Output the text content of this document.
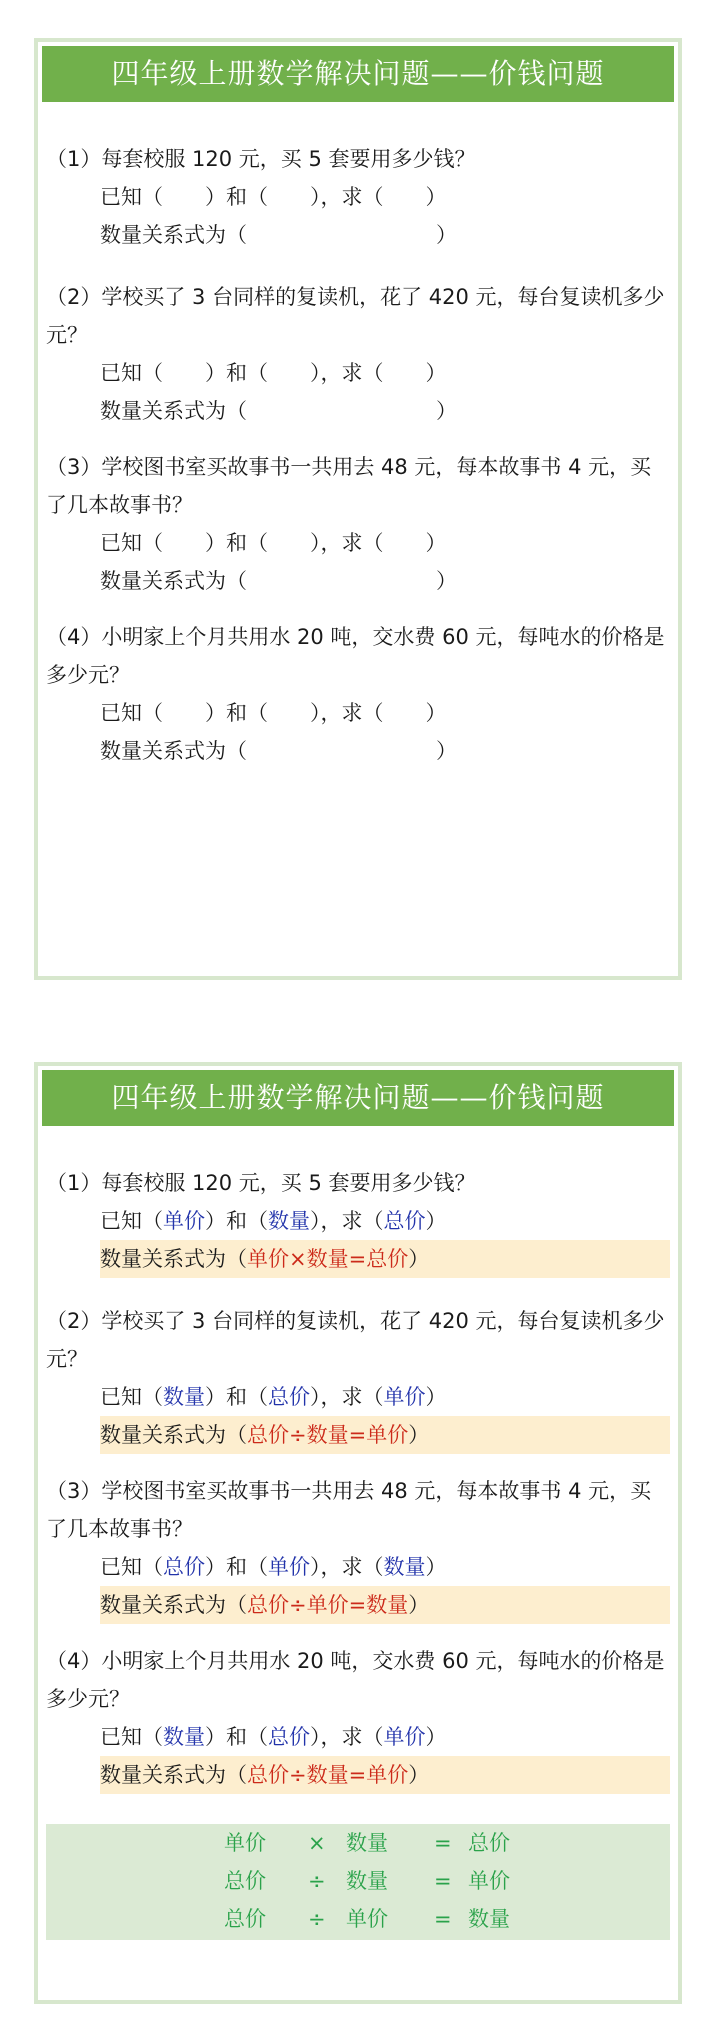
四年级上册数学解决问题——价钱问题

（1）每套校服 120 元，买 5 套要用多少钱？

已知（　　）和（　　），求（　　）
数量关系式为（　　　　　　　　　）

（2）学校买了 3 台同样的复读机，花了 420 元，每台复读机多少元？

已知（　　）和（　　），求（　　）
数量关系式为（　　　　　　　　　）

（3）学校图书室买故事书一共用去 48 元，每本故事书 4 元，买了几本故事书？

已知（　　）和（　　），求（　　）
数量关系式为（　　　　　　　　　）

（4）小明家上个月共用水 20 吨，交水费 60 元，每吨水的价格是多少元？

已知（　　）和（　　），求（　　）
数量关系式为（　　　　　　　　　）
四年级上册数学解决问题——价钱问题

（1）每套校服 120 元，买 5 套要用多少钱？

已知（单价）和（数量），求（总价）
数量关系式为（单价×数量=总价）

（2）学校买了 3 台同样的复读机，花了 420 元，每台复读机多少元？

已知（数量）和（总价），求（单价）
数量关系式为（总价÷数量=单价）

（3）学校图书室买故事书一共用去 48 元，每本故事书 4 元，买了几本故事书？

已知（总价）和（单价），求（数量）
数量关系式为（总价÷单价=数量）

（4）小明家上个月共用水 20 吨，交水费 60 元，每吨水的价格是多少元？

已知（数量）和（总价），求（单价）
数量关系式为（总价÷数量=单价）
单价 × 数量 = 总价
总价 ÷ 数量 = 单价
总价 ÷ 单价 = 数量
